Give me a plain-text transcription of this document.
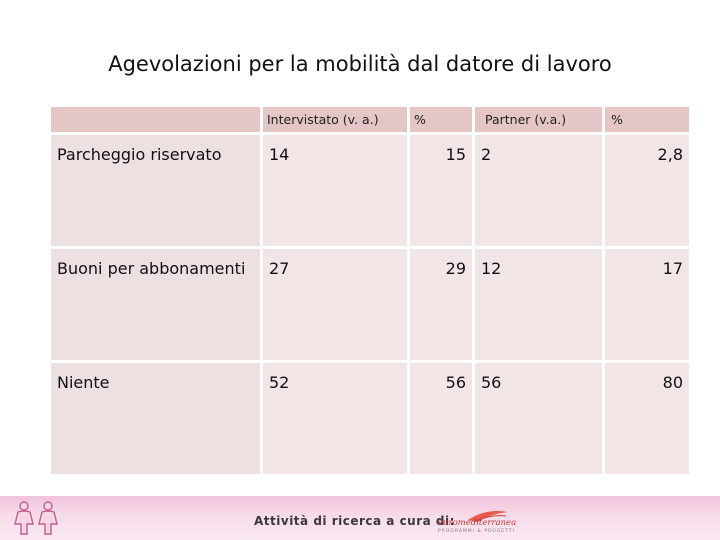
Agevolazioni per la mobilità dal datore di lavoro

	Intervistato (v. a.)	%	Partner (v.a.)	%

Parcheggio riservato	14	15	2	2,8

Buoni per abbonamenti	27	29	12	17

Niente	52	56	56	80
Attività di ricerca a cura di:
euromediterranea
PROGRAMMI & PROGETTI
